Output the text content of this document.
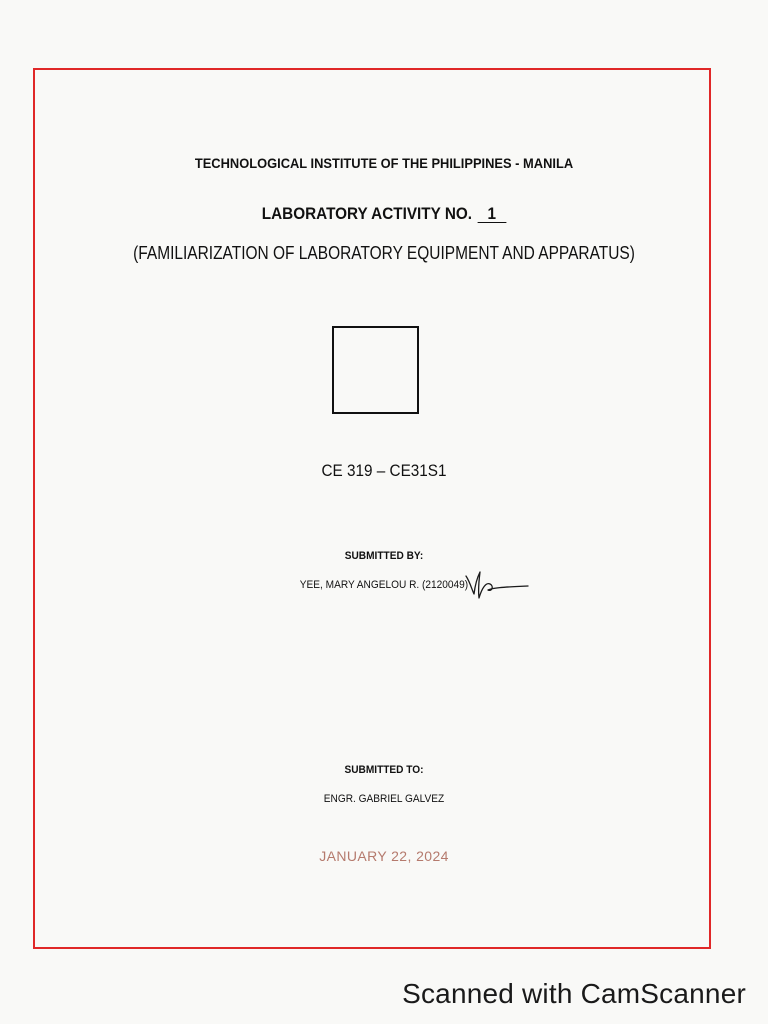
TECHNOLOGICAL INSTITUTE OF THE PHILIPPINES - MANILA
LABORATORY ACTIVITY NO. 1
(FAMILIARIZATION OF LABORATORY EQUIPMENT AND APPARATUS)
CE 319 – CE31S1
SUBMITTED BY:
YEE, MARY ANGELOU R. (2120049)
SUBMITTED TO:
ENGR. GABRIEL GALVEZ
JANUARY 22, 2024
Scanned with CamScanner
